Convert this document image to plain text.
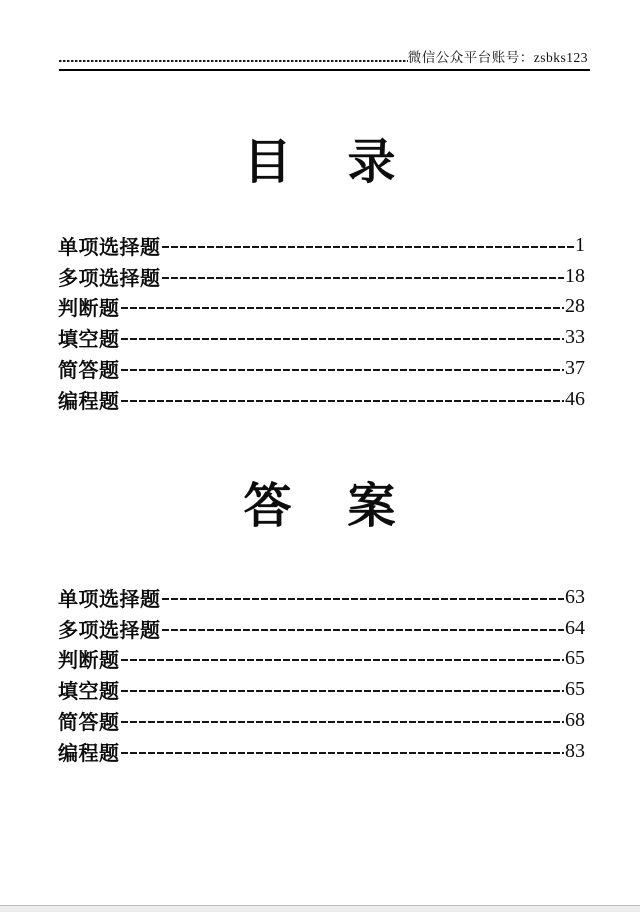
微信公众平台账号：zsbks123
目　录
单项选择题	1
多项选择题	18
判断题	28
填空题	33
简答题	37
编程题	46
答　案
单项选择题	63
多项选择题	64
判断题	65
填空题	65
简答题	68
编程题	83
